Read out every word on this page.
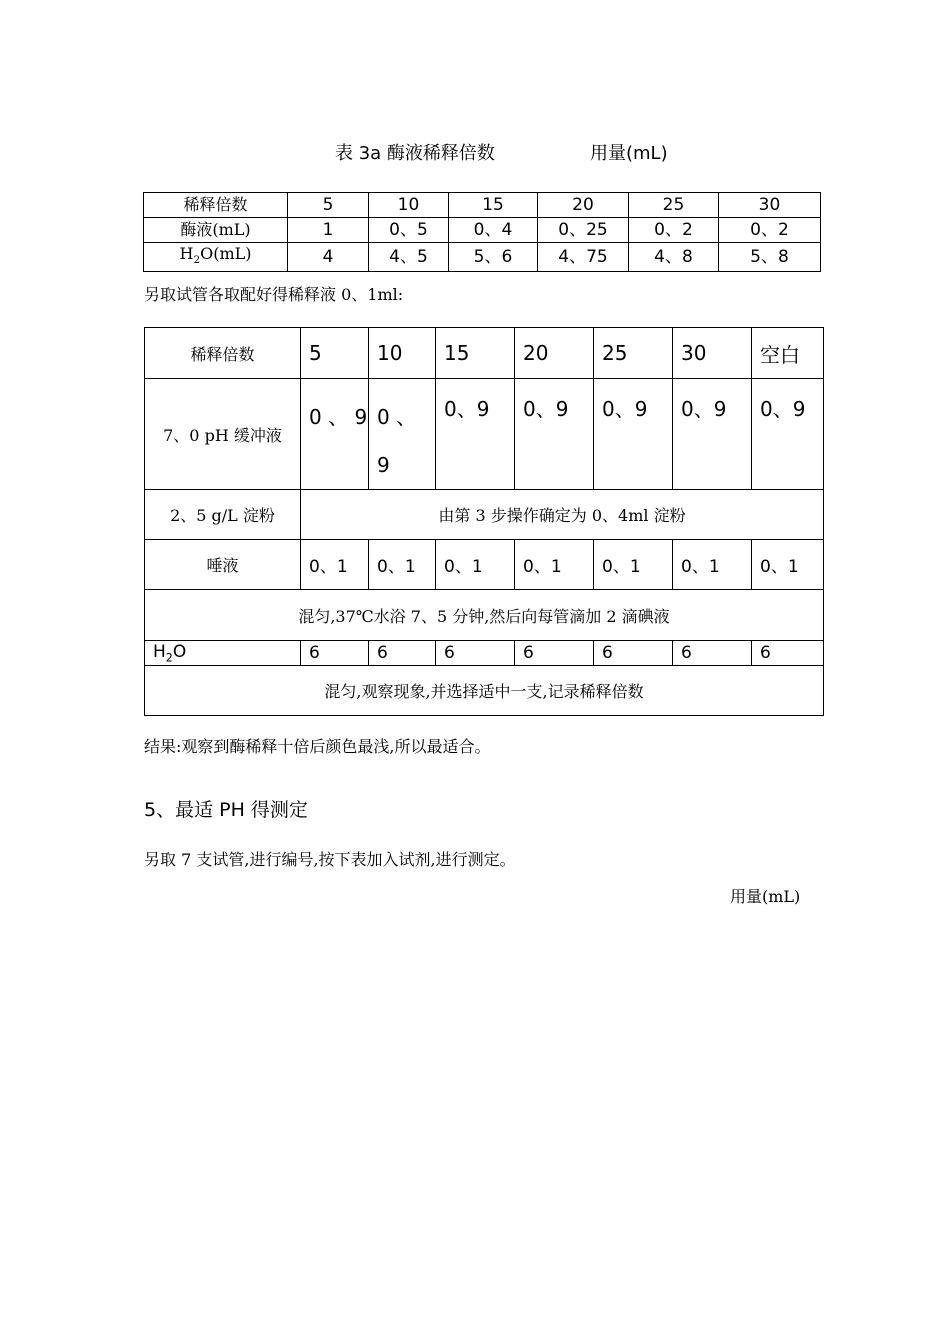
表 3a 酶液稀释倍数	用量(mL)
稀释倍数	5	10	15	20	25	30
酶液(mL)	1	0、5	0、4	0、25	0、2	0、2
$H_2O(mL)$	4	4、5	5、6	4、75	4、8	5、8
另取试管各取配好得稀释液 0、1ml:
稀释倍数	5	10	15	20	25	30	空白
7、0 pH 缓冲液	0 、 9	0 、 9	0、9	0、9	0、9	0、9	0、9
2、5 g/L 淀粉	由第 3 步操作确定为 0、4ml 淀粉						
唾液	0、1	0、1	0、1	0、1	0、1	0、1	0、1
混匀,37℃水浴 7、5 分钟,然后向每管滴加 2 滴碘液							
$H_2O$	6	6	6	6	6	6	6
混匀,观察现象,并选择适中一支,记录稀释倍数							
结果:观察到酶稀释十倍后颜色最浅,所以最适合。
5、最适 PH 得测定
另取 7 支试管,进行编号,按下表加入试剂,进行测定。
用量(mL)
